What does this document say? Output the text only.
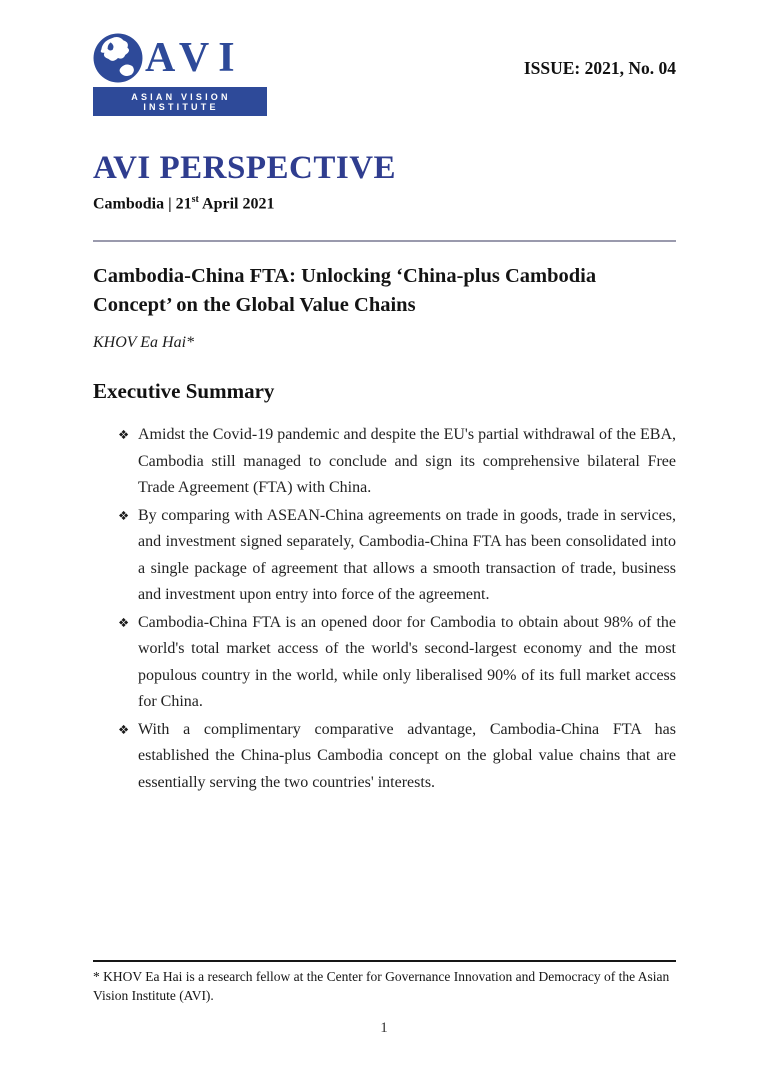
AVI
ASIAN VISION INSTITUTE
ISSUE: 2021, No. 04
AVI PERSPECTIVE
Cambodia | 21st April 2021
Cambodia-China FTA: Unlocking ‘China-plus Cambodia
Concept’ on the Global Value Chains
KHOV Ea Hai*
Executive Summary
❖ Amidst the Covid-19 pandemic and despite the EU's partial withdrawal of the EBA, Cambodia still managed to conclude and sign its comprehensive bilateral Free Trade Agreement (FTA) with China.
❖ By comparing with ASEAN-China agreements on trade in goods, trade in services, and investment signed separately, Cambodia-China FTA has been consolidated into a single package of agreement that allows a smooth transaction of trade, business and investment upon entry into force of the agreement.
❖ Cambodia-China FTA is an opened door for Cambodia to obtain about 98% of the world's total market access of the world's second-largest economy and the most populous country in the world, while only liberalised 90% of its full market access for China.
❖ With a complimentary comparative advantage, Cambodia-China FTA has established the China-plus Cambodia concept on the global value chains that are essentially serving the two countries' interests.
* KHOV Ea Hai is a research fellow at the Center for Governance Innovation and Democracy of the Asian Vision Institute (AVI).
1
